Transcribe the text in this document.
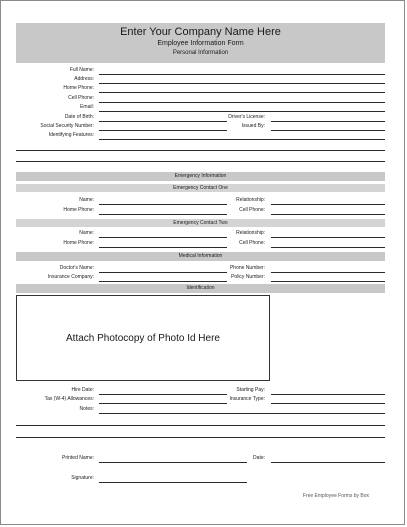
Enter Your Company Name Here
Employee Information Form
Personal Information
Full Name:
Address:
Home Phone:
Cell Phone:
Email:
Date of Birth:	Driver's License:
Social Security Number:	Issued By:
Identifying Features:
Emergency Information
Emergency Contact One
Name:	Relationship:
Home Phone:	Cell Phone:
Emergency Contact Two
Name:	Relationship:
Home Phone:	Cell Phone:
Medical Information
Doctor's Name:	Phone Number:
Insurance Company:	Policy Number:
Identification
Attach Photocopy of Photo Id Here
Hire Date:	Starting Pay:
Tax (W-4) Allowances:	Insurance Type:
Notes:
Printed Name:	Date:
Signature:
Free Employee Forms by Box
